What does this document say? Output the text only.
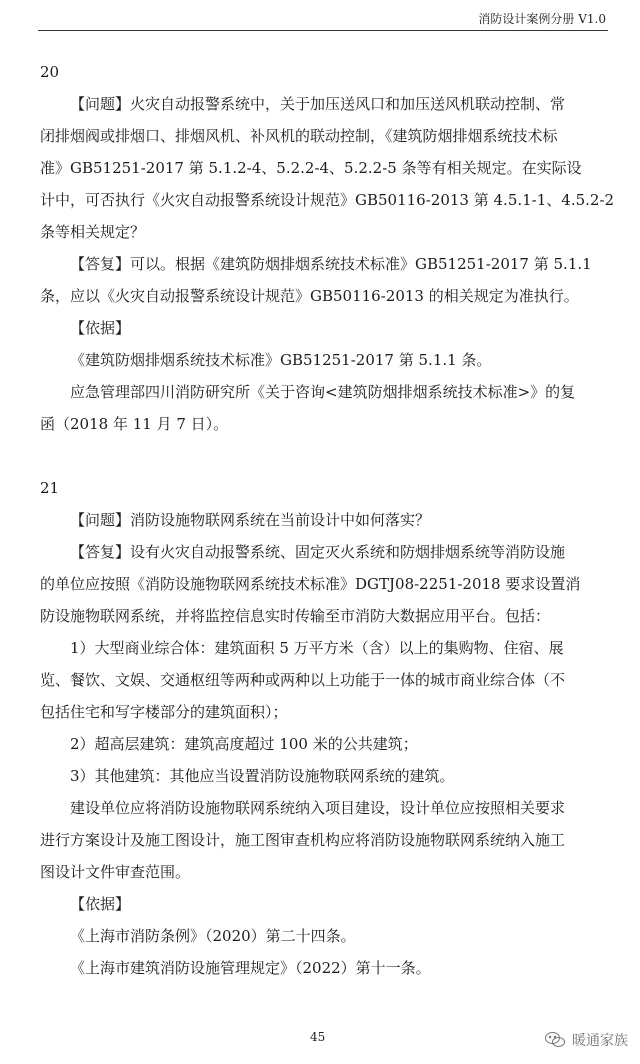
消防设计案例分册 V1.0
20
【问题】火灾自动报警系统中，关于加压送风口和加压送风机联动控制、常
闭排烟阀或排烟口、排烟风机、补风机的联动控制，《建筑防烟排烟系统技术标
准》GB51251-2017 第 5.1.2-4、5.2.2-4、5.2.2-5 条等有相关规定。在实际设
计中，可否执行《火灾自动报警系统设计规范》GB50116-2013 第 4.5.1-1、4.5.2-2
条等相关规定？
【答复】可以。根据《建筑防烟排烟系统技术标准》GB51251-2017 第 5.1.1
条，应以《火灾自动报警系统设计规范》GB50116-2013 的相关规定为准执行。
【依据】
《建筑防烟排烟系统技术标准》GB51251-2017 第 5.1.1 条。
应急管理部四川消防研究所《关于咨询<建筑防烟排烟系统技术标准>》的复
函（2018 年 11 月 7 日）。
21
【问题】消防设施物联网系统在当前设计中如何落实？
【答复】设有火灾自动报警系统、固定灭火系统和防烟排烟系统等消防设施
的单位应按照《消防设施物联网系统技术标准》DGTJ08-2251-2018 要求设置消
防设施物联网系统，并将监控信息实时传输至市消防大数据应用平台。包括：
1）大型商业综合体：建筑面积 5 万平方米（含）以上的集购物、住宿、展
览、餐饮、文娱、交通枢纽等两种或两种以上功能于一体的城市商业综合体（不
包括住宅和写字楼部分的建筑面积）；
2）超高层建筑：建筑高度超过 100 米的公共建筑；
3）其他建筑：其他应当设置消防设施物联网系统的建筑。
建设单位应将消防设施物联网系统纳入项目建设，设计单位应按照相关要求
进行方案设计及施工图设计，施工图审查机构应将消防设施物联网系统纳入施工
图设计文件审查范围。
【依据】
《上海市消防条例》（2020）第二十四条。
《上海市建筑消防设施管理规定》（2022）第十一条。
45	暖通家族
